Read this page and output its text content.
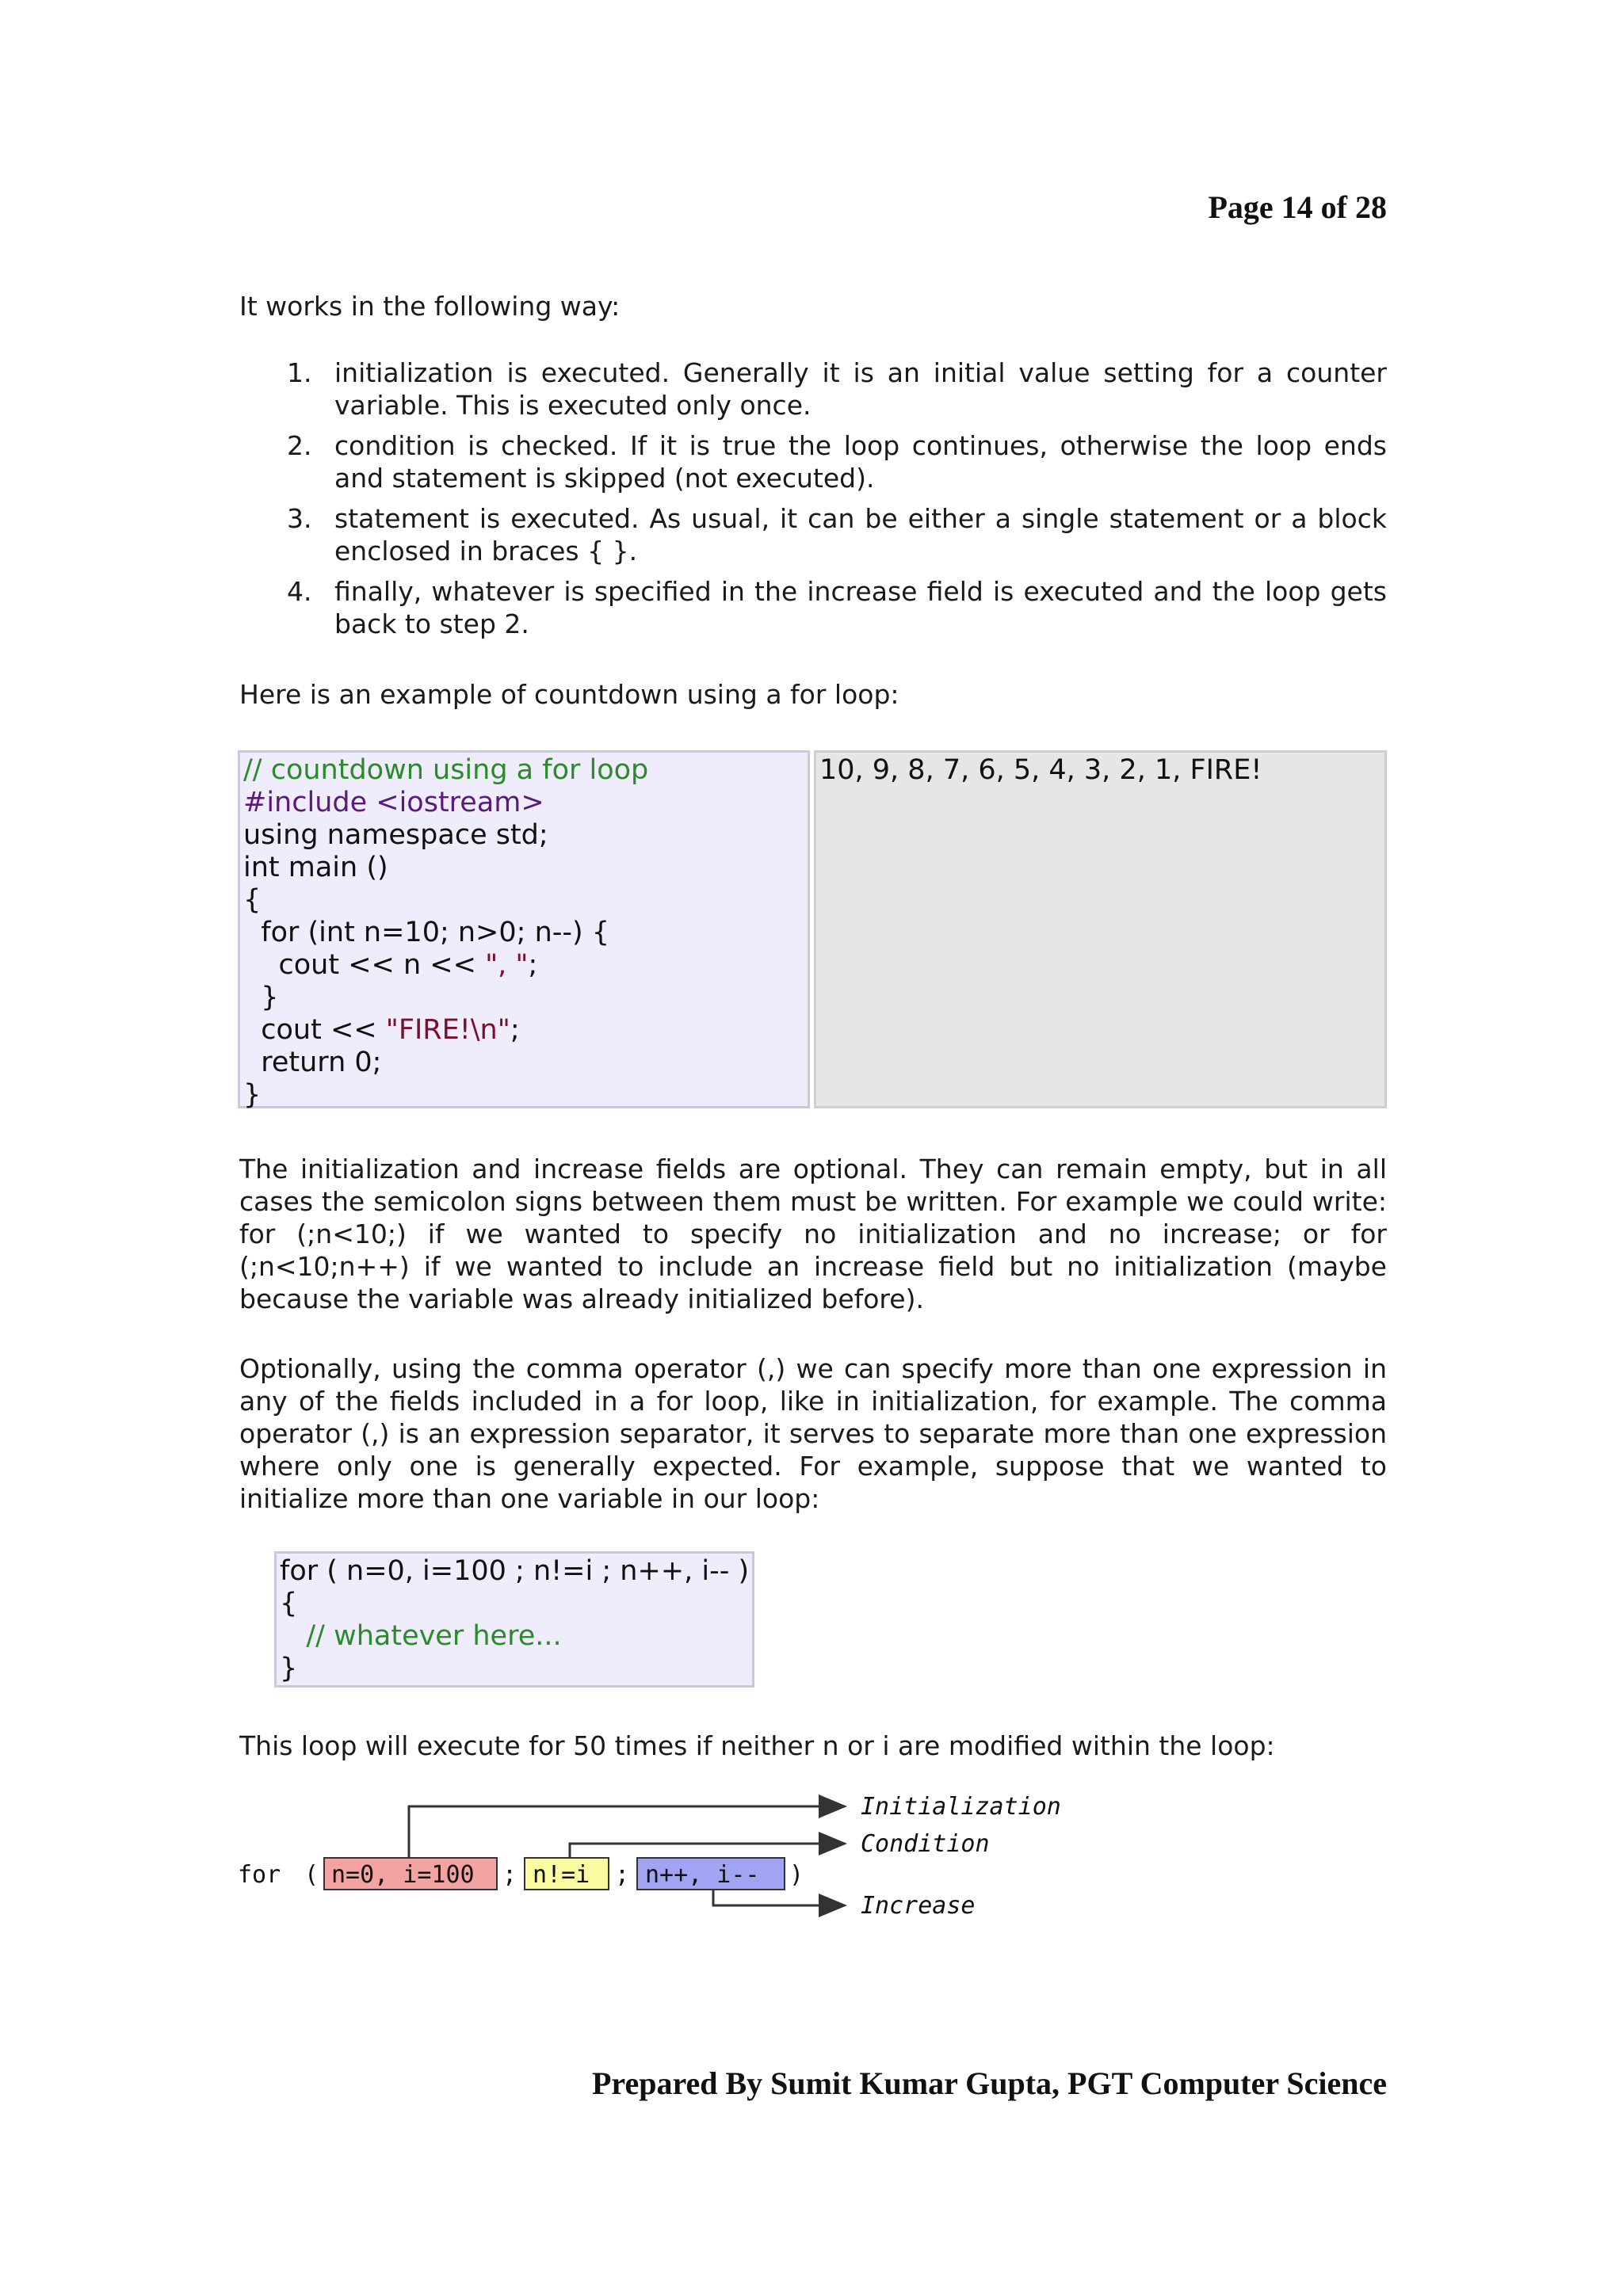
Page 14 of 28

It works in the following way:

1. initialization is executed. Generally it is an initial value setting for a counter variable. This is executed only once.
2. condition is checked. If it is true the loop continues, otherwise the loop ends and statement is skipped (not executed).
3. statement is executed. As usual, it can be either a single statement or a block enclosed in braces { }.
4. finally, whatever is specified in the increase field is executed and the loop gets back to step 2.

Here is an example of countdown using a for loop:

// countdown using a for loop
#include <iostream>
using namespace std;
int main ()
{
for (int n=10; n>0; n--) {
cout << n << ", ";
}
cout << "FIRE!\n";
return 0;
}
10, 9, 8, 7, 6, 5, 4, 3, 2, 1, FIRE!

The initialization and increase fields are optional. They can remain empty, but in all cases the semicolon signs between them must be written. For example we could write: for (;n<10;) if we wanted to specify no initialization and no increase; or for (;n<10;n++) if we wanted to include an increase field but no initialization (maybe because the variable was already initialized before).

Optionally, using the comma operator (,) we can specify more than one expression in any of the fields included in a for loop, like in initialization, for example. The comma operator (,) is an expression separator, it serves to separate more than one expression where only one is generally expected. For example, suppose that we wanted to initialize more than one variable in our loop:

for ( n=0, i=100 ; n!=i ; n++, i-- )
{
// whatever here...
}

This loop will execute for 50 times if neither n or i are modified within the loop:

for ( n=0, i=100 ; n!=i ; n++, i-- )
Initialization
Condition
Increase
Prepared By Sumit Kumar Gupta, PGT Computer Science
